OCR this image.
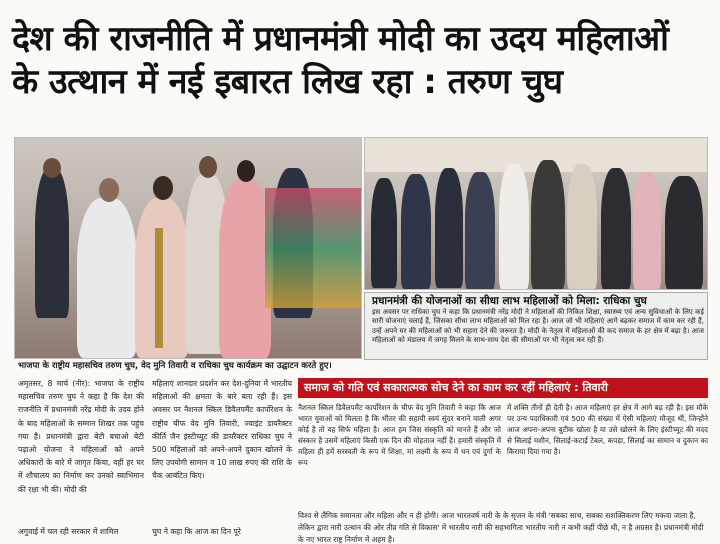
देश की राजनीति में प्रधानमंत्री मोदी का उदय महिलाओं
के उत्थान में नई इबारत लिख रहा : तरुण चुघ
भाजपा के राष्ट्रीय महासचिव तरुण चुघ, वेद मुनि तिवारी व राधिका चुघ कार्यक्रम का उद्घाटन करते हुए।
प्रधानमंत्री की योजनाओं का सीधा लाभ महिलाओं को मिला: राधिका चुघ
इस अवसर पर राधिका चुघ ने कहा कि प्रधानमंत्री नरेंद्र मोदी ने महिलाओं की निकित शिक्षा, स्वास्थ्य एवं अन्य सुविधाओं के लिए कई सारी योजनाएं चलाई हैं, जिसका सीधा लाभ महिलाओं को मिल रहा है। आज जो भी महिलाएं आगे बढ़कर समाज में काम कर रही हैं, उन्हें अपने घर की महिलाओं को भी सहारा देने की जरूरत है। मोदी के नेतृत्व में महिलाओं की कद समाज के हर क्षेत्र में बढ़ा है। आज महिलाओं को मंडालय में जगह मिलने के साथ-साथ देश की सीमाओं पर भी नेतृत्व कर रही हैं।
समाज को गति एवं सकारात्मक सोच देने का काम कर रहीं महिलाएं : तिवारी
अमृतसर, 8 मार्च (नीर): भाजपा के राष्ट्रीय महासचिव तरुण चुघ ने कहा है कि देश की राजनीति में प्रधानमंत्री नरेंद्र मोदी के उदय होने के बाद महिलाओं के सम्मान शिखर तक पहुंच गया है। प्रधानमंत्री द्वारा बेटी बचाओ बेटी पढ़ाओ योजना ने महिलाओं को अपने अधिकारों के बारे में जागृत किया, वहीं हर घर में शौचालय का निर्माण कर उनको स्वाभिमान की रक्षा भी की। मोदी की
महिलाएं शानदार प्रदर्शन कर देश-दुनिया में भारतीय महिलाओं की क्षमता के बारे बता रही हैं। इस अवसर पर नैशनल स्किल डिवैलपमैंट कार्पोरेशन के राष्ट्रीय चीफ वेद मुनि तिवारी, ज्वाइंट डायरैक्टर कीर्ति जैन इंस्टीच्यूट की डायरैक्टर राधिका चुघ ने 500 महिलाओं को अपने-अपने दुकान खोलने के लिए उपयोगी सामान व 10 लाख रुपए की राशि के चैक आबंटित किए।
नैशनल स्किल डिवैलपमैंट कार्पोरेशन के चीफ वेद मुनि तिवारी ने कहा कि आज भारत युवाओं को मिलता है कि भीतर की सहायी स्वयं सुंदर बनाने वाली अगर कोई है तो वह सिर्फ महिला है। आज हम जिस संस्कृति को मानते हैं और जो संस्कार है उसमें महिलाएं किसी एक दिन की मोहताज नहीं हैं। हमारी संस्कृति में महिला ही हमें सरस्वती के रूप में शिक्षा, मां लक्ष्मी के रूप में धन एवं दुर्गा के रूप
में शक्ति तीनों ही देती है। आज महिलाएं हर क्षेत्र में आगे बढ़ रही है। इस मौके पर उन्य पदाधिकारी एवं 500 की संख्या में ऐसी महिलाएं मौजूद थीं, जिन्होंने आज अपना-अपना बुटीक खोला है या उसे खोलने के लिए इंस्टीच्यूट की मदद से सिलाई मशीन, सिलाई-कटाई टेबल, कपड़ा, सिलाई का सामान व दुकान का किराया दिया गया है।
विश्व से लैंगिक समानता और महिला और न ही होगी। आज भारतवर्ष नारी के के सृजन के मंत्री 'सबका साथ, सबका सशक्तिकरण लिए मकवा जाता है, लेकिन द्वारा नारी उत्थान की ओर तीव्र गति से विकास' में भारतीय नारी की सहभागिता भारतीय नारी न कभी कहीं पीछे थी, न है अग्रसर है। प्रधानमंत्री मोदी के नए भारत राष्ट्र निर्माण में अहम है।
अगुवाई में चल रही सरकार में शामिल	चुघ ने कहा कि आज का दिन पूरे
